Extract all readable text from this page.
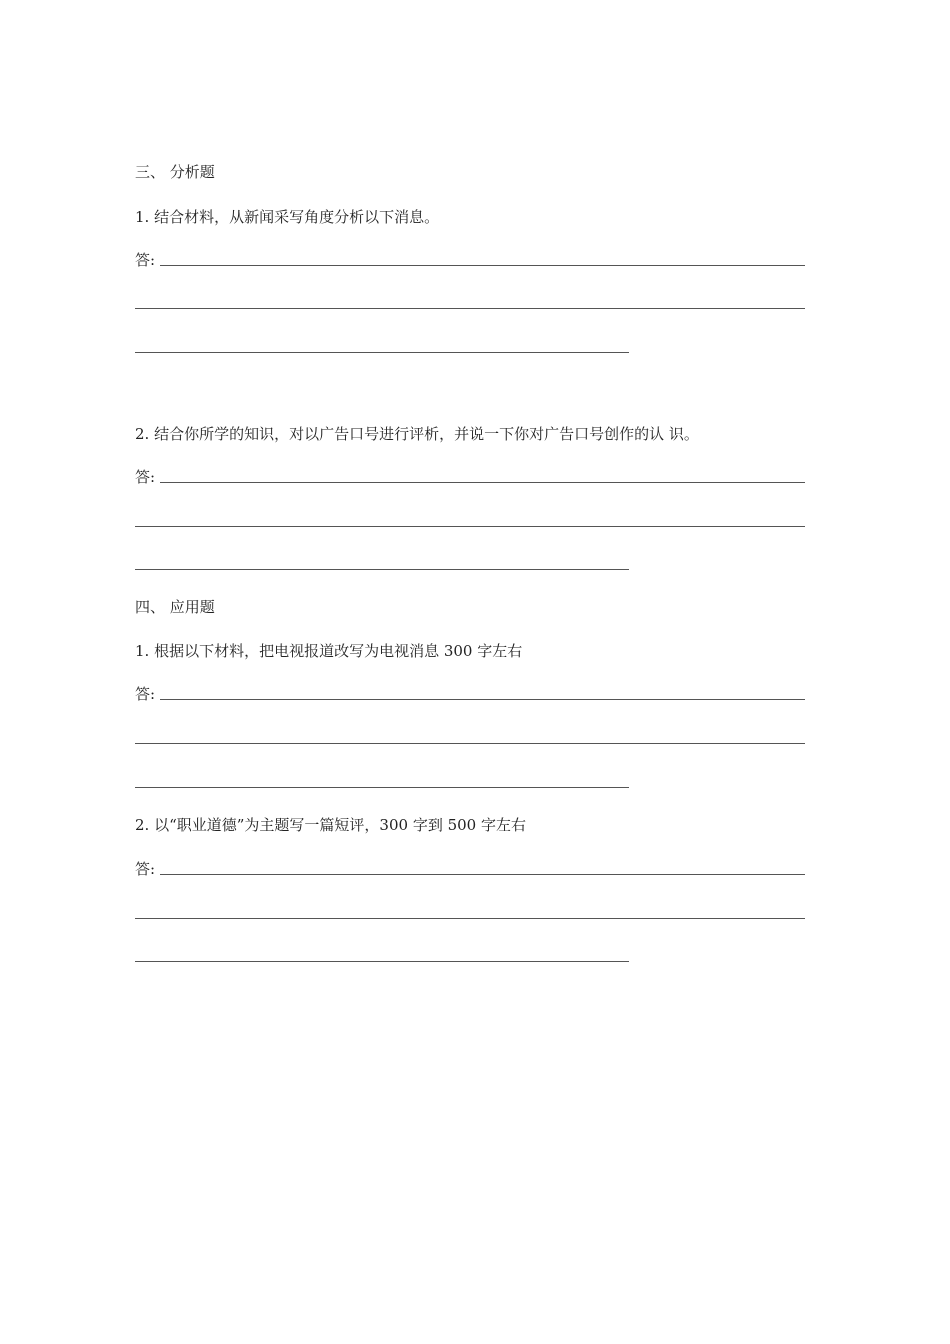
三、 分析题
1. 结合材料，从新闻采写角度分析以下消息。
答:
2. 结合你所学的知识，对以广告口号进行评析，并说一下你对广告口号创作的认 识。
答:
四、 应用题
1. 根据以下材料，把电视报道改写为电视消息 300 字左右
答:
2. 以“职业道德”为主题写一篇短评，300 字到 500 字左右
答:
